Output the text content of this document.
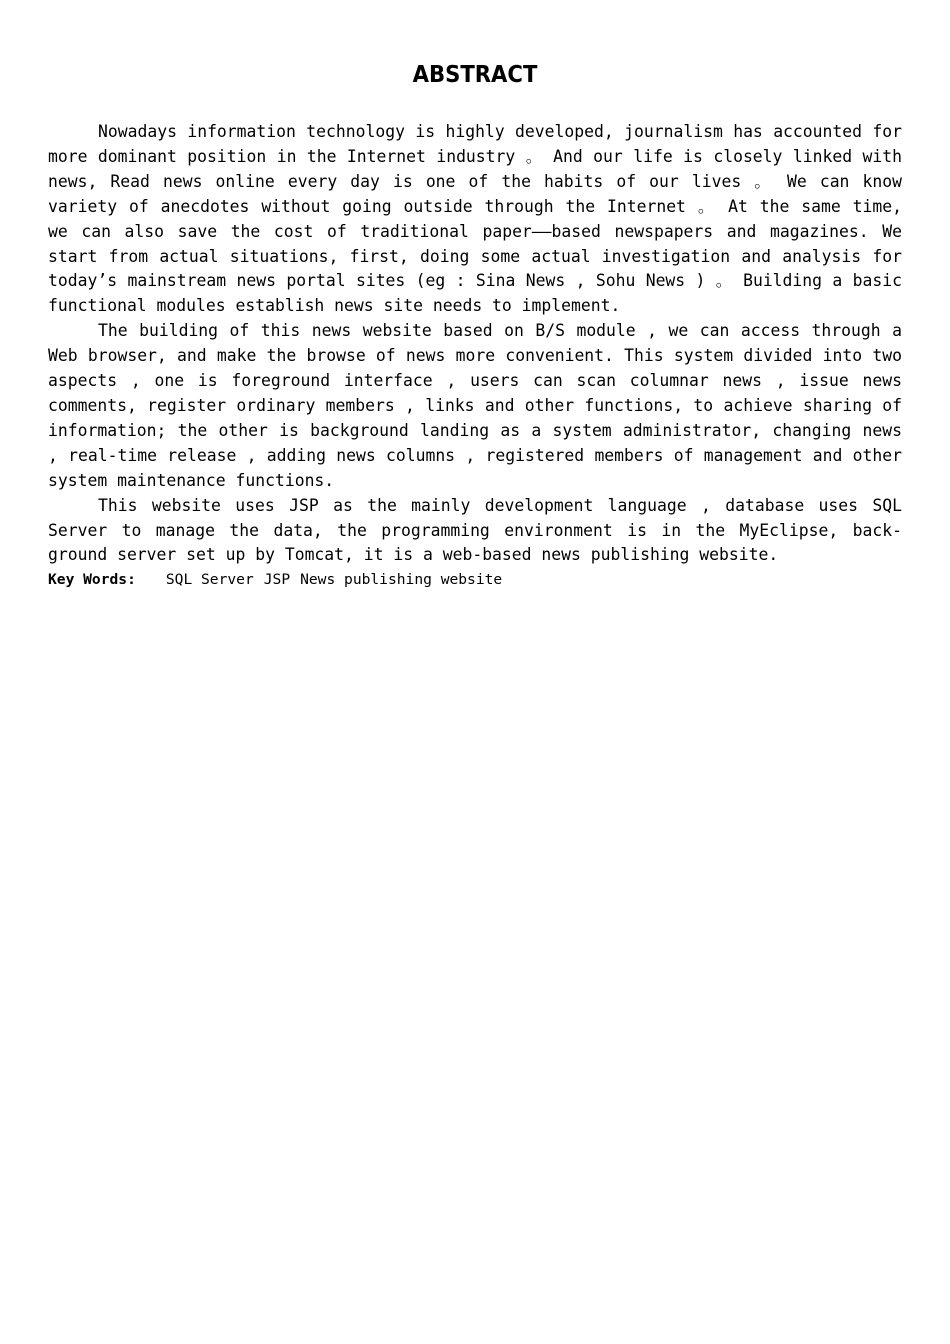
ABSTRACT

Nowadays information technology is highly developed, journalism has accounted for more dominant position in the Internet industry 。 And our life is closely linked with news, Read news online every day is one of the habits of our lives 。 We can know variety of anecdotes without going outside through the Internet 。 At the same time, we can also save the cost of traditional paper——based newspapers and magazines. We start from actual situations, first, doing some actual investigation and analysis for today’s mainstream news portal sites (eg : Sina News , Sohu News ) 。 Building a basic functional modules establish news site needs to implement.

The building of this news website based on B/S module , we can access through a Web browser, and make the browse of news more convenient. This system divided into two aspects , one is foreground interface , users can scan columnar news , issue news comments, register ordinary members , links and other functions, to achieve sharing of information; the other is background landing as a system administrator, changing news , real-time release , adding news columns , registered members of management and other system maintenance functions.

This website uses JSP as the mainly development language , database uses SQL Server to manage the data, the programming environment is in the MyEclipse, back-ground server set up by Tomcat, it is a web-based news publishing website.

Key Words: SQL Server JSP News publishing website
